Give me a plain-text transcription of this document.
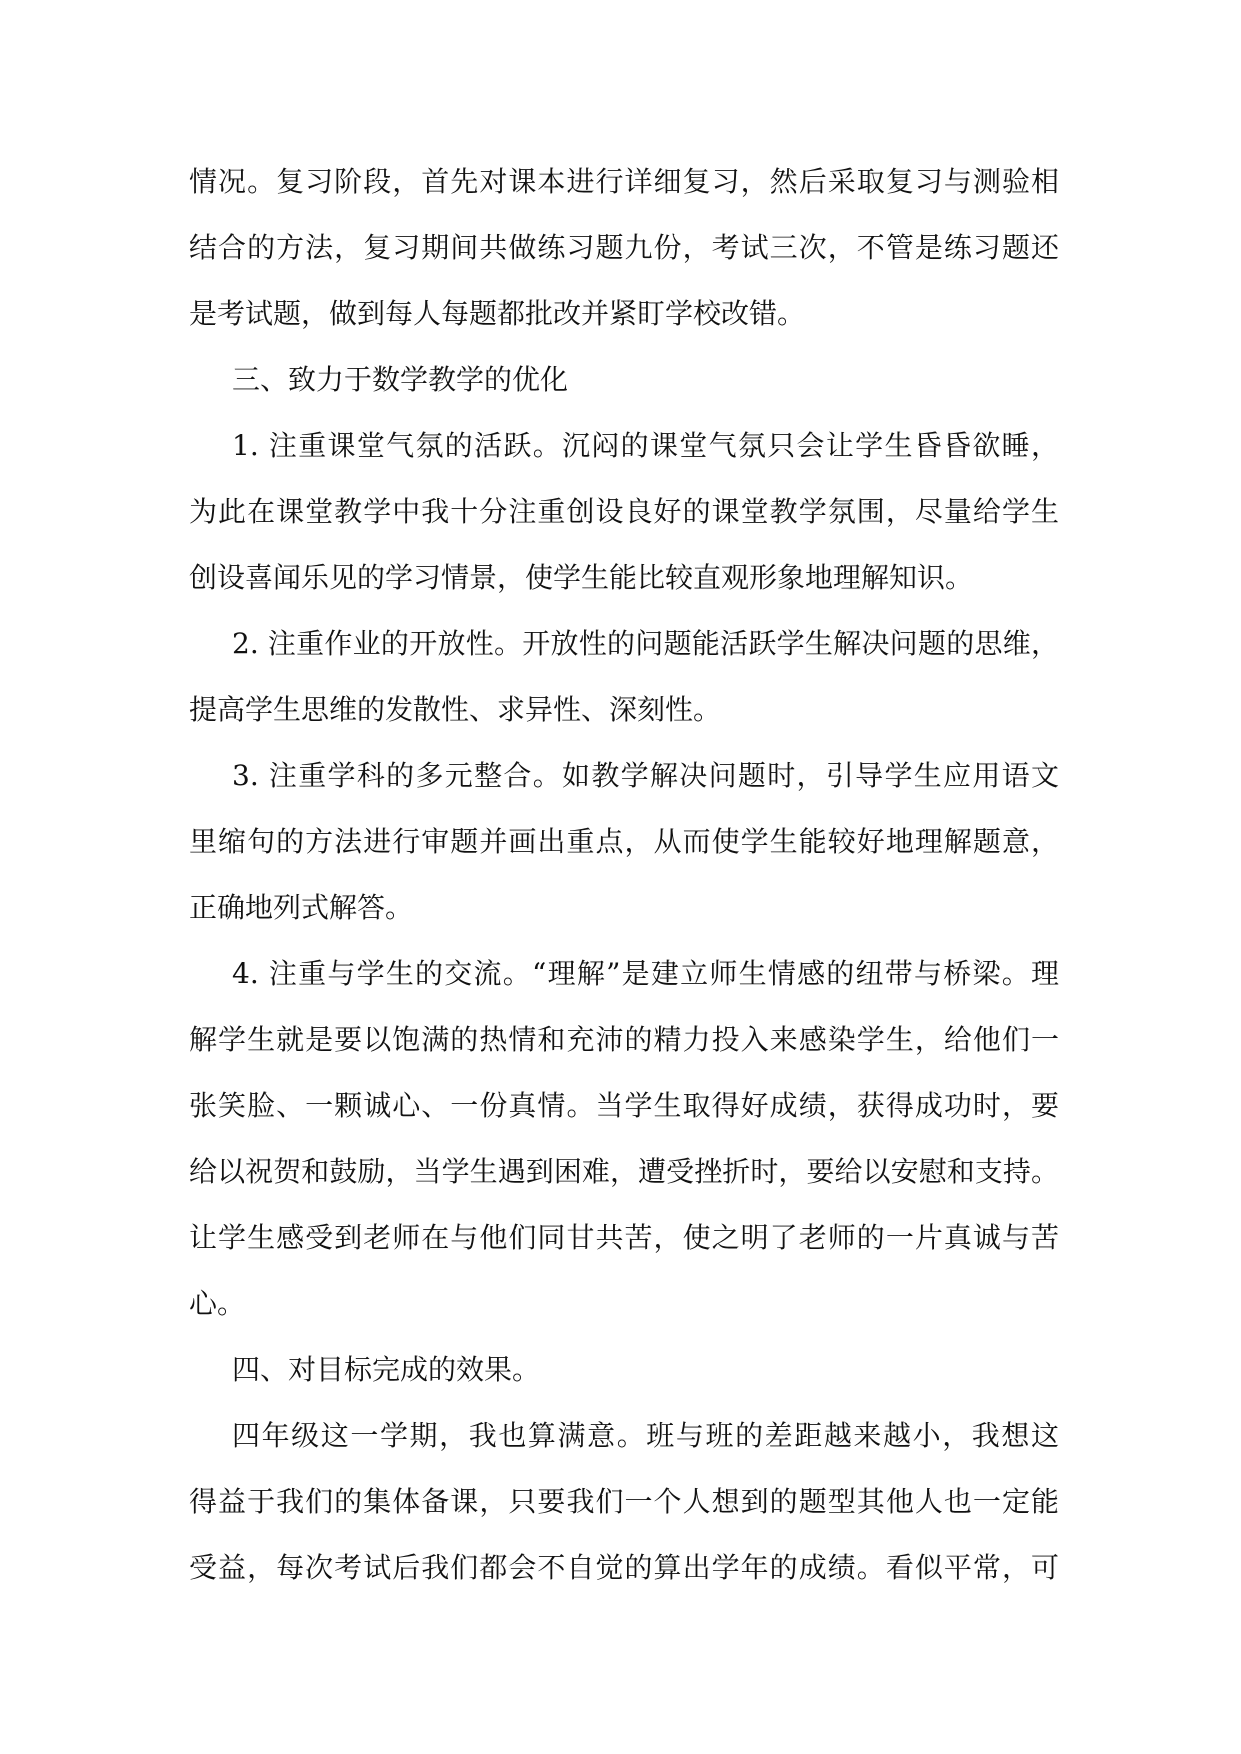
情况。复习阶段，首先对课本进行详细复习，然后采取复习与测验相
结合的方法，复习期间共做练习题九份，考试三次，不管是练习题还
是考试题，做到每人每题都批改并紧盯学校改错。
三、致力于数学教学的优化
1. 注重课堂气氛的活跃。沉闷的课堂气氛只会让学生昏昏欲睡，
为此在课堂教学中我十分注重创设良好的课堂教学氛围，尽量给学生
创设喜闻乐见的学习情景，使学生能比较直观形象地理解知识。
2. 注重作业的开放性。开放性的问题能活跃学生解决问题的思维，
提高学生思维的发散性、求异性、深刻性。
3. 注重学科的多元整合。如教学解决问题时，引导学生应用语文
里缩句的方法进行审题并画出重点，从而使学生能较好地理解题意，
正确地列式解答。
4. 注重与学生的交流。“理解”是建立师生情感的纽带与桥梁。理
解学生就是要以饱满的热情和充沛的精力投入来感染学生，给他们一
张笑脸、一颗诚心、一份真情。当学生取得好成绩，获得成功时，要
给以祝贺和鼓励，当学生遇到困难，遭受挫折时，要给以安慰和支持。
让学生感受到老师在与他们同甘共苦，使之明了老师的一片真诚与苦
心。
四、对目标完成的效果。
四年级这一学期，我也算满意。班与班的差距越来越小，我想这
得益于我们的集体备课，只要我们一个人想到的题型其他人也一定能
受益，每次考试后我们都会不自觉的算出学年的成绩。看似平常，可
